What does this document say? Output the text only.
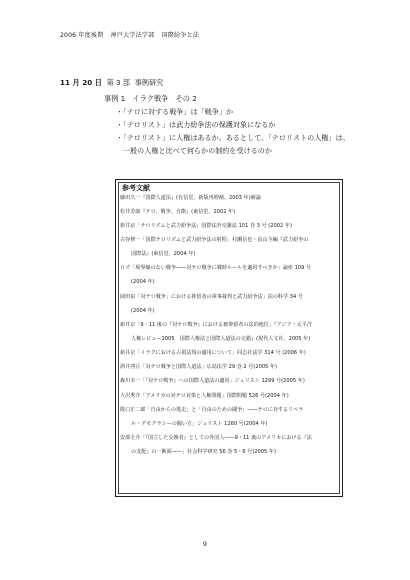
2006 年度後期 神戸大学法学部 国際紛争と法
11 月 20 日 第 3 部 事例研究
事例 1　イラク戦争　その 2
・「テロに対する戦争」は「戦争」か
・「テロリスト」は武力紛争法の保護対象になるか
・「テロリスト」に人権はあるか。あるとして、「テロリストの人権」は、
一般の人権と比べて何らかの制約を受けるのか
参考文献
藤田久一『国際人道法』(有信堂、新版再増補、2003 年)補論
松井芳郎『テロ、戦争、自衛』(東信堂、2002 年)
新井京「テロリズムと武力紛争法」国際法外交雑誌 101 巻 3 号 (2002 年)
古谷修一「国際テロリズムと武力紛争法の射程」村瀬信也・真山全編『武力紛争の
国際法』(東信堂、2004 年)
ロズ「境界線のない戦争――対テロ戦争に戦時ルールを適用すべきか」論座 109 号
(2004 年)
岡田泉「対テロ戦争」における抑留者の軍事裁判と武力紛争法」法の科学 34 号
(2004 年)
新井京「9・11 後の『対テロ戦争』における被抑留者の法的地位」『アジア・太平洋
人権レビュー2005　国際人権法と国際人道法の交錯』(現代人文社、2005 年)
新井京「イラクにおける占領法規の適用について」同志社法学 314 号 (2006 年)
酒井啓亘「対テロ戦争と国際人道法」広島法学 29 巻 2 号(2005 年)
森川幸一「『対テロ戦争』への国際人道法の適用」ジュリスト 1299 号(2005 年)
大沢秀介「アメリカの対テロ対策と人権問題」国際問題 526 号(2004 年)
阪口正二郎「自由からの逃走」と「自由のための闘争」――テロに対するリベラ
ル・デモクラシーの闘い方」ジュリスト 1260 号(2004 年)
安部圭介「『国立した交換者』としての外国人――9・11 後のアメリカにおける『法
の支配』の一断面――」社会科学研究 56 巻 5・6 号(2005 年)
9
